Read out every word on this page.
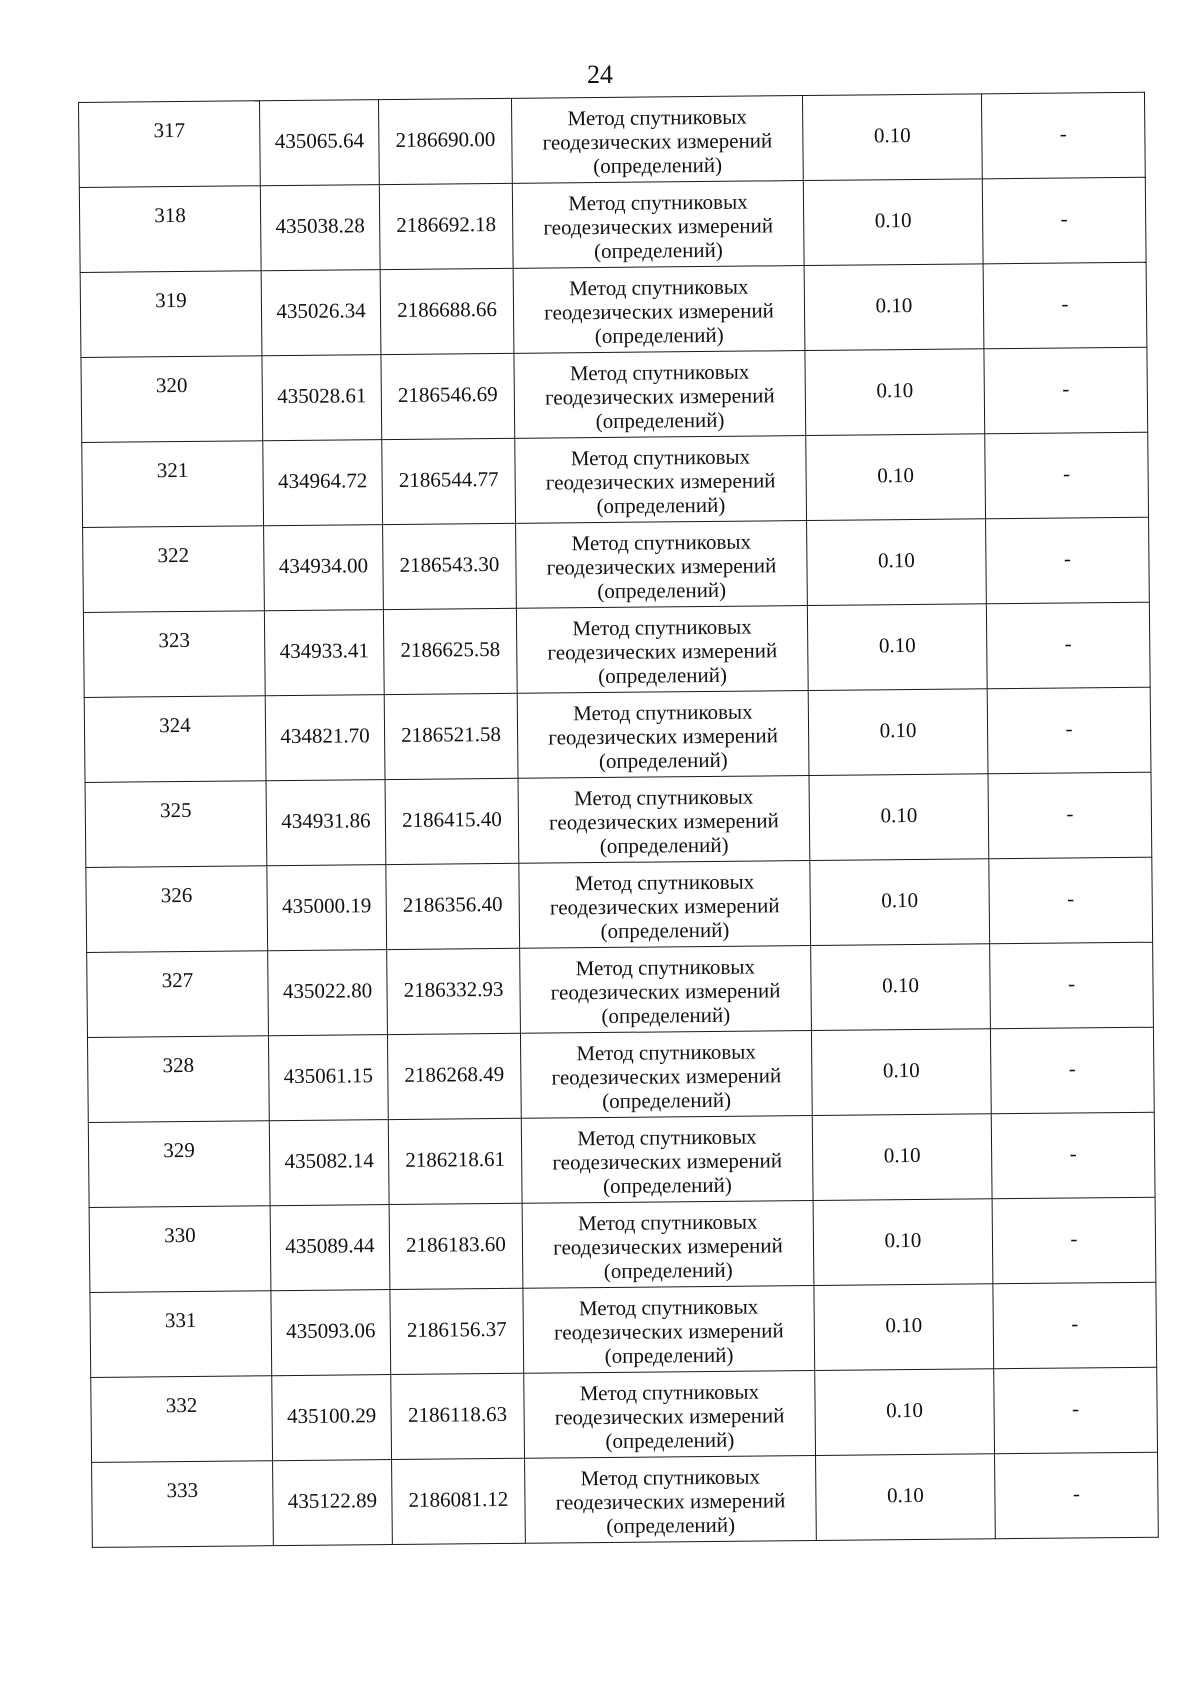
24
317	435065.64	2186690.00	Метод спутниковых
геодезических измерений
(определений)	0.10	-

318	435038.28	2186692.18	Метод спутниковых
геодезических измерений
(определений)	0.10	-

319	435026.34	2186688.66	Метод спутниковых
геодезических измерений
(определений)	0.10	-

320	435028.61	2186546.69	Метод спутниковых
геодезических измерений
(определений)	0.10	-

321	434964.72	2186544.77	Метод спутниковых
геодезических измерений
(определений)	0.10	-

322	434934.00	2186543.30	Метод спутниковых
геодезических измерений
(определений)	0.10	-

323	434933.41	2186625.58	Метод спутниковых
геодезических измерений
(определений)	0.10	-

324	434821.70	2186521.58	Метод спутниковых
геодезических измерений
(определений)	0.10	-

325	434931.86	2186415.40	Метод спутниковых
геодезических измерений
(определений)	0.10	-

326	435000.19	2186356.40	Метод спутниковых
геодезических измерений
(определений)	0.10	-

327	435022.80	2186332.93	Метод спутниковых
геодезических измерений
(определений)	0.10	-

328	435061.15	2186268.49	Метод спутниковых
геодезических измерений
(определений)	0.10	-

329	435082.14	2186218.61	Метод спутниковых
геодезических измерений
(определений)	0.10	-

330	435089.44	2186183.60	Метод спутниковых
геодезических измерений
(определений)	0.10	-

331	435093.06	2186156.37	Метод спутниковых
геодезических измерений
(определений)	0.10	-

332	435100.29	2186118.63	Метод спутниковых
геодезических измерений
(определений)	0.10	-

333	435122.89	2186081.12	Метод спутниковых
геодезических измерений
(определений)	0.10	-
